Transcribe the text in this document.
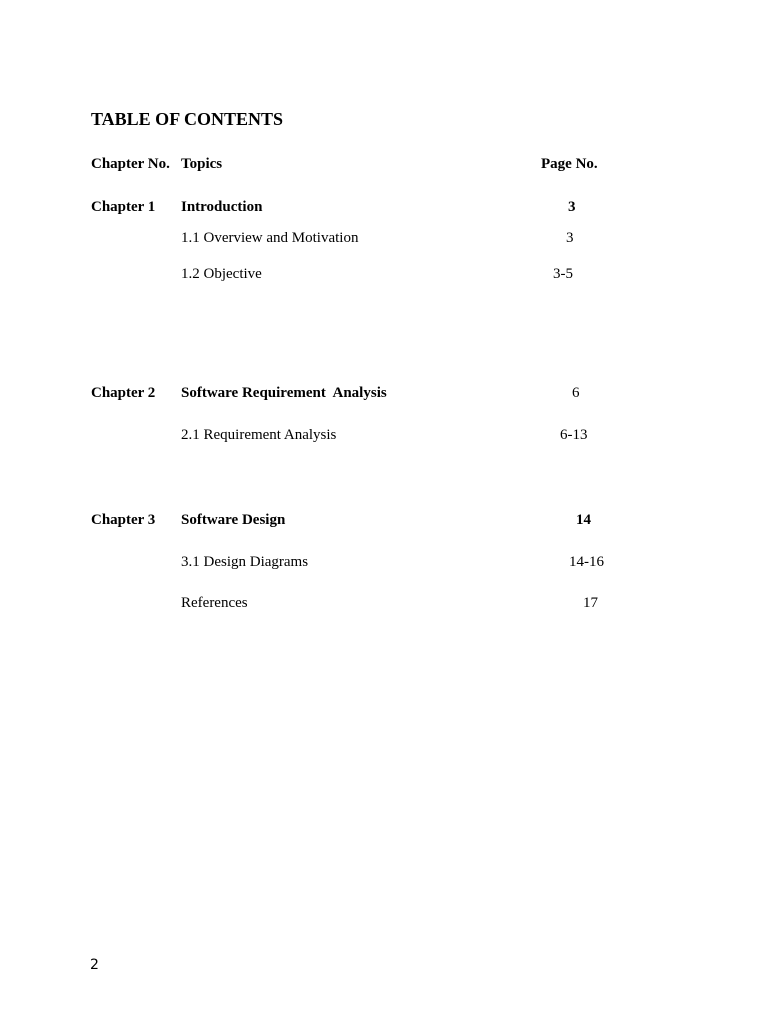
TABLE OF CONTENTS
Chapter No. Topics	Page No.
Chapter 1 Introduction	3
1.1 Overview and Motivation	3
1.2 Objective	3-5
Chapter 2 Software Requirement  Analysis	6
2.1 Requirement Analysis	6-13
Chapter 3 Software Design	14
3.1 Design Diagrams	14-16
References	17
2
